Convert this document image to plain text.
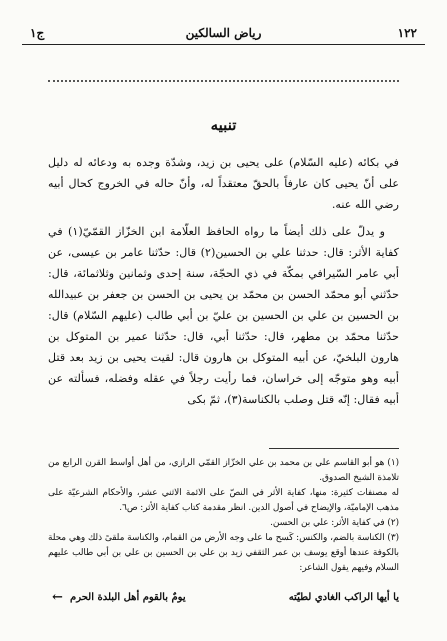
١٢٢
رياض السالكين
ج١
تنبيه

في بكائه (عليه السّلام) على يحيى بن زيد، وشدّة وجده به ودعائه له دليل على أنّ يحيى كان عارفاً بالحقّ معتقداً له، وأنّ حاله في الخروج كحال أبيه رضي الله عنه.

و يدلّ على ذلك أيضاً ما رواه الحافظ العلّامة ابن الخزّاز القمّيّ(١) في كفاية الأثر: قال: حدثنا علي بن الحسين(٢) قال: حدّثنا عامر بن عيسى، عن أبي عامر السّيرافي بمكّة في ذي الحجّة، سنة إحدى وثمانين وثلاثمائة، قال: حدّثني أبو محمّد الحسن بن محمّد بن يحيى بن الحسن بن جعفر بن عبيدالله بن الحسين بن علي بن الحسين بن عليّ بن أبي طالب (عليهم السّلام) قال: حدّثنا محمّد بن مطهر، قال: حدّثنا أبي، قال: حدّثنا عمير بن المتوكل بن هارون البلخيّ، عن أبيه المتوكل بن هارون قال: لقيت يحيى بن زيد بعد قتل أبيه وهو متوجّه إلى خراسان، فما رأيت رجلاً في عقله وفضله، فسألته عن أبيه فقال: إنّه قتل وصلب بالكناسة(٣)، ثمّ بكى

(١) هو أبو القاسم علي بن محمد بن علي الخزّاز القمّي الرازي، من أهل أواسط القرن الرابع من تلامذة الشيخ الصدوق.
له مصنفات كثيرة: منها، كفاية الأثر في النصّ على الائمة الاثني عشر، والأحكام الشرعيّة على مذهب الإماميّة، والإيضاح في أصول الدين. انظر مقدمة كتاب كفاية الأثر: ص٦.
(٢) في كفاية الأثر: علي بن الحسن.
(٣) الكناسة بالضم، والكنس: كَسح ما على وجه الأرض من القمام، والكناسة ملقىً ذلك وهي محلة بالكوفة عندها أوقع يوسف بن عمر الثقفي زيد بن علي بن الحسين بن علي بن أبي طالب عليهم السلام وفيهم يقول الشاعر:
يا أيها الراكب الغادي لطيّته
يومٌ بالقوم أهل البلدة الحرم
←
